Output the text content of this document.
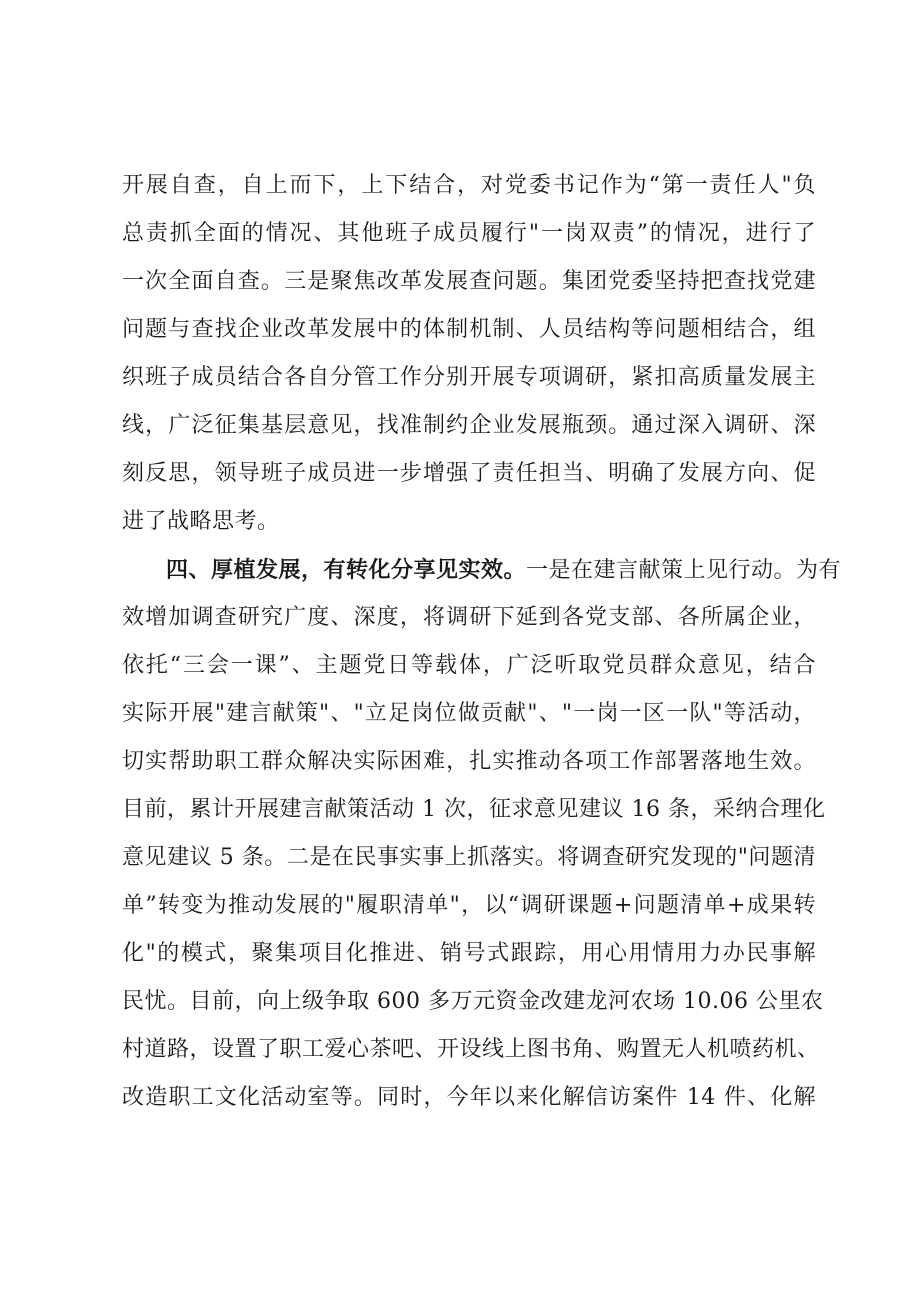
开展自查，自上而下，上下结合，对党委书记作为“第一责任人"负
总责抓全面的情况、其他班子成员履行"一岗双责”的情况，进行了
一次全面自查。三是聚焦改革发展查问题。集团党委坚持把查找党建
问题与查找企业改革发展中的体制机制、人员结构等问题相结合，组
织班子成员结合各自分管工作分别开展专项调研，紧扣高质量发展主
线，广泛征集基层意见，找准制约企业发展瓶颈。通过深入调研、深
刻反思，领导班子成员进一步增强了责任担当、明确了发展方向、促
进了战略思考。
四、厚植发展，有转化分享见实效。一是在建言献策上见行动。为有
效增加调查研究广度、深度，将调研下延到各党支部、各所属企业，
依托“三会一课”、主题党日等载体，广泛听取党员群众意见，结合
实际开展"建言献策"、"立足岗位做贡献"、"一岗一区一队"等活动，
切实帮助职工群众解决实际困难，扎实推动各项工作部署落地生效。
目前，累计开展建言献策活动 1 次，征求意见建议 16 条，采纳合理化
意见建议 5 条。二是在民事实事上抓落实。将调查研究发现的"问题清
单”转变为推动发展的"履职清单"，以“调研课题+问题清单+成果转
化"的模式，聚集项目化推进、销号式跟踪，用心用情用力办民事解
民忧。目前，向上级争取 600 多万元资金改建龙河农场 10.06 公里农
村道路，设置了职工爱心茶吧、开设线上图书角、购置无人机喷药机、
改造职工文化活动室等。同时，今年以来化解信访案件 14 件、化解
